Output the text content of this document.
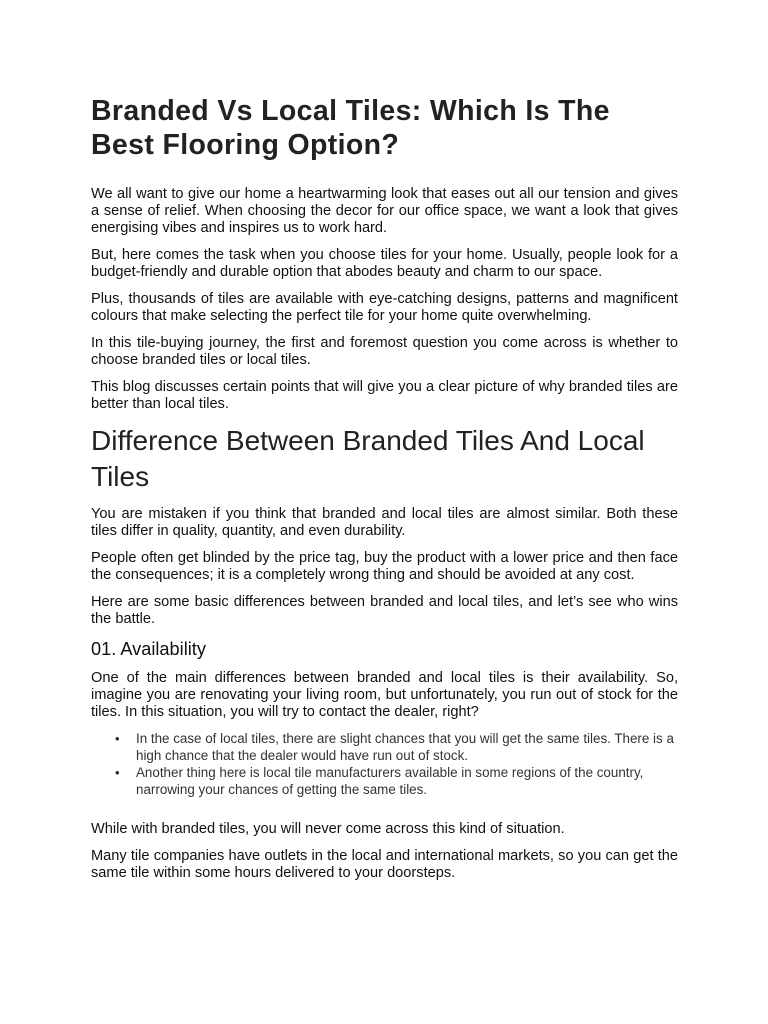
Branded Vs Local Tiles: Which Is The Best Flooring Option?

We all want to give our home a heartwarming look that eases out all our tension and gives a sense of relief. When choosing the decor for our office space, we want a look that gives energising vibes and inspires us to work hard.

But, here comes the task when you choose tiles for your home. Usually, people look for a budget-friendly and durable option that abodes beauty and charm to our space.

Plus, thousands of tiles are available with eye-catching designs, patterns and magnificent colours that make selecting the perfect tile for your home quite overwhelming.

In this tile-buying journey, the first and foremost question you come across is whether to choose branded tiles or local tiles.

This blog discusses certain points that will give you a clear picture of why branded tiles are better than local tiles.

Difference Between Branded Tiles And Local Tiles

You are mistaken if you think that branded and local tiles are almost similar. Both these tiles differ in quality, quantity, and even durability.

People often get blinded by the price tag, buy the product with a lower price and then face the consequences; it is a completely wrong thing and should be avoided at any cost.

Here are some basic differences between branded and local tiles, and let’s see who wins the battle.

01. Availability

One of the main differences between branded and local tiles is their availability. So, imagine you are renovating your living room, but unfortunately, you run out of stock for the tiles. In this situation, you will try to contact the dealer, right?

• In the case of local tiles, there are slight chances that you will get the same tiles. There is a high chance that the dealer would have run out of stock.
• Another thing here is local tile manufacturers available in some regions of the country, narrowing your chances of getting the same tiles.

While with branded tiles, you will never come across this kind of situation.

Many tile companies have outlets in the local and international markets, so you can get the same tile within some hours delivered to your doorsteps.
